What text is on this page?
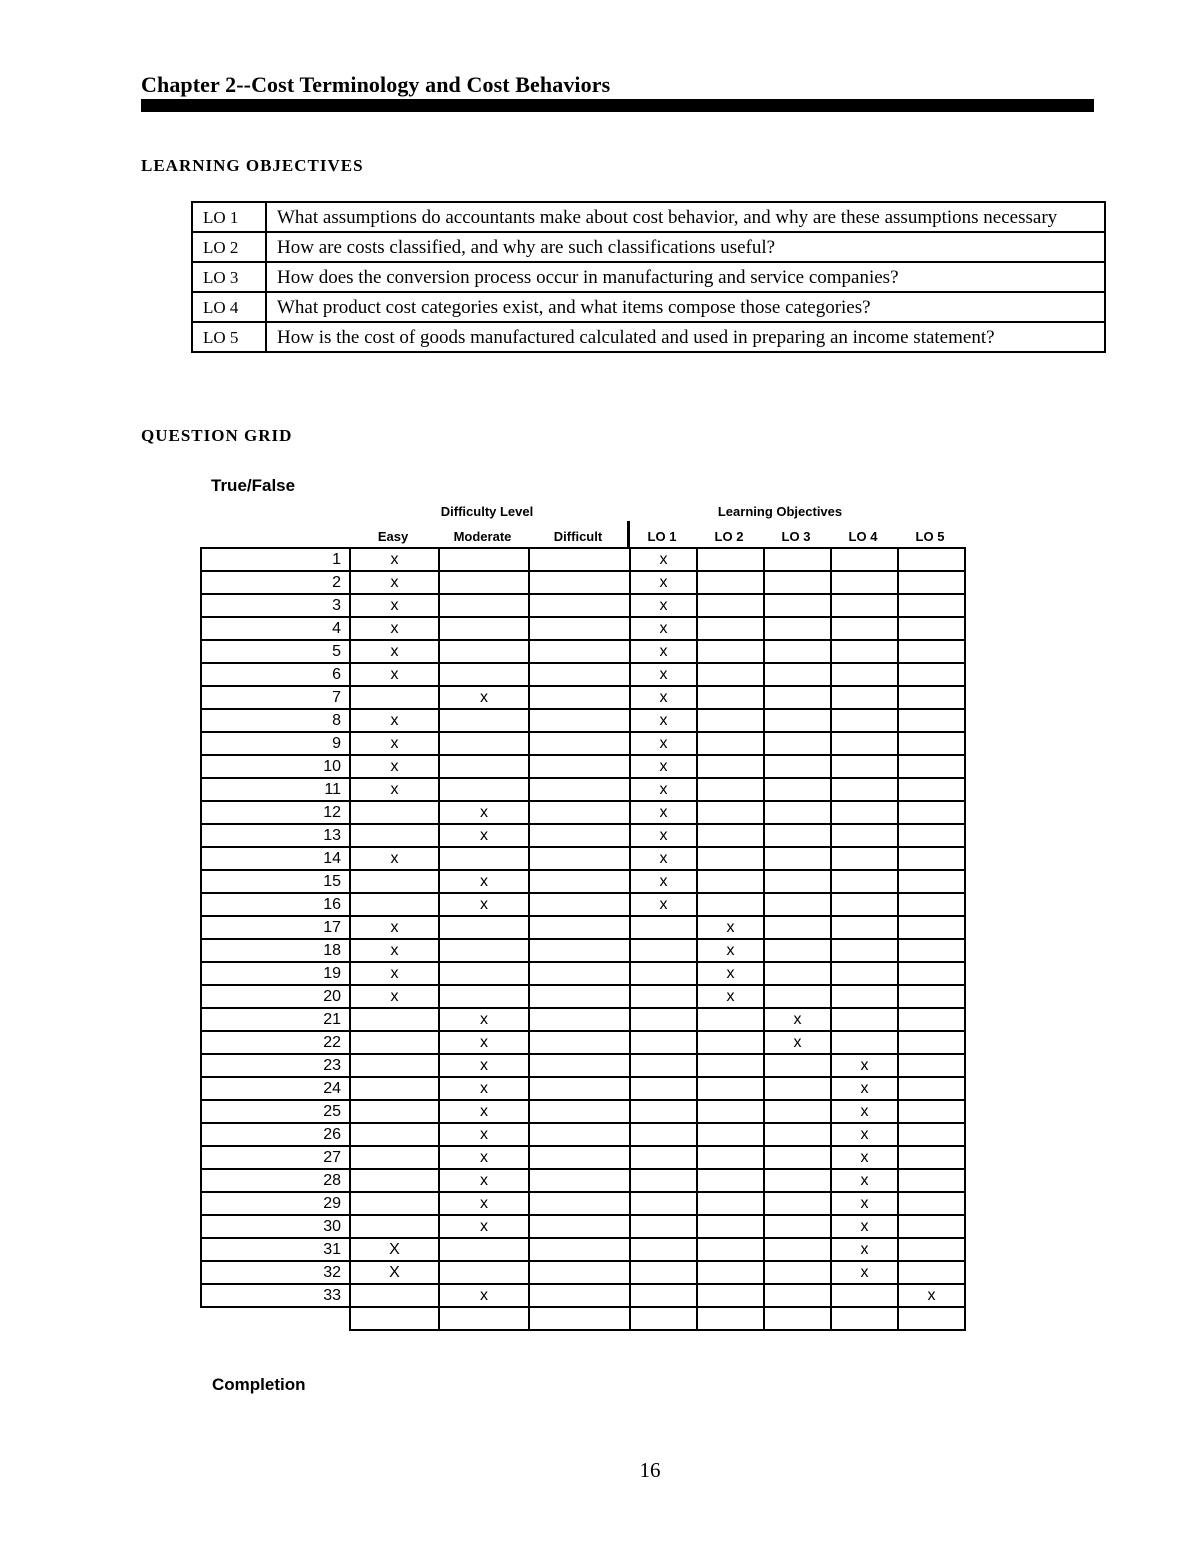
Chapter 2--Cost Terminology and Cost Behaviors
LEARNING OBJECTIVES
LO 1	What assumptions do accountants make about cost behavior, and why are these assumptions necessary
LO 2	How are costs classified, and why are such classifications useful?
LO 3	How does the conversion process occur in manufacturing and service companies?
LO 4	What product cost categories exist, and what items compose those categories?
LO 5	How is the cost of goods manufactured calculated and used in preparing an income statement?
QUESTION GRID
True/False
Difficulty Level	Learning Objectives
Easy	Moderate	Difficult	LO 1	LO 2	LO 3	LO 4	LO 5
1	x			x				
2	x			x				
3	x			x				
4	x			x				
5	x			x				
6	x			x				
7		x		x				
8	x			x				
9	x			x				
10	x			x				
11	x			x				
12		x		x				
13		x		x				
14	x			x				
15		x		x				
16		x		x				
17	x				x			
18	x				x			
19	x				x			
20	x				x			
21		x				x		
22		x				x		
23		x					x	
24		x					x	
25		x					x	
26		x					x	
27		x					x	
28		x					x	
29		x					x	
30		x					x	
31	X						x	
32	X						x	
33		x						x

Completion
16
